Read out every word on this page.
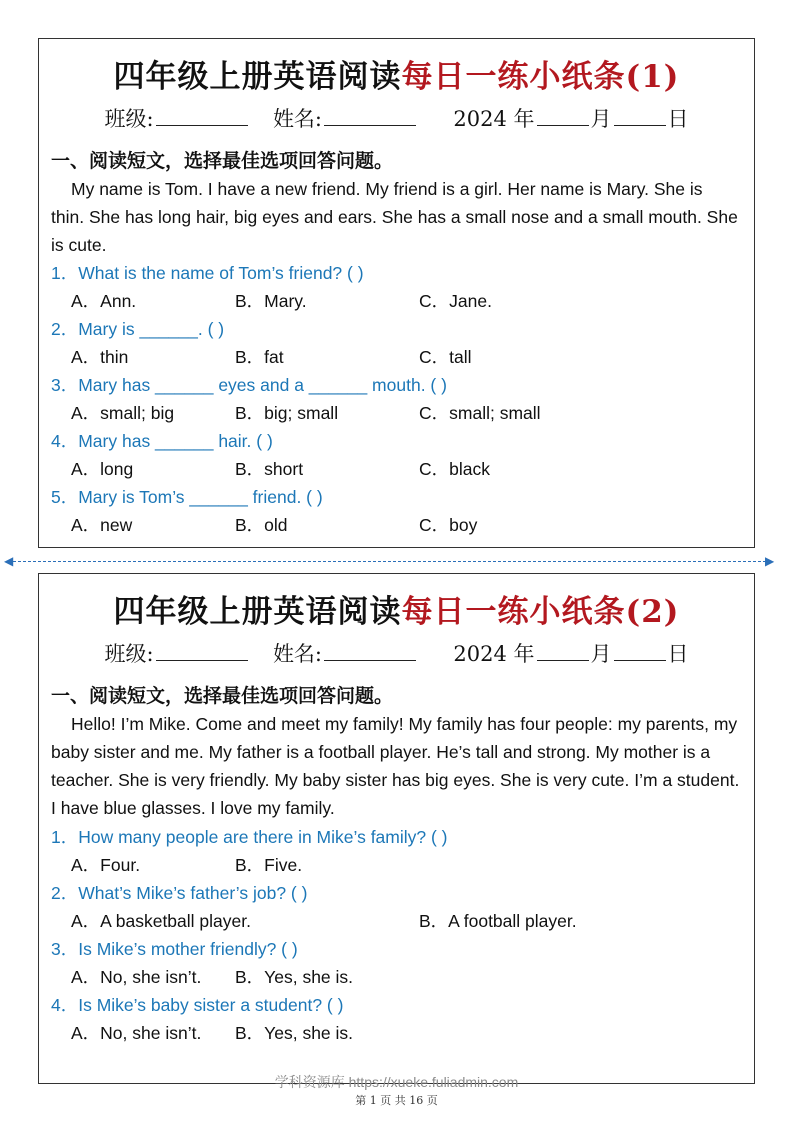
四年级上册英语阅读每日一练小纸条(1)
班级:	姓名:	2024 年	月	日
一、阅读短文，选择最佳选项回答问题。

My name is Tom. I have a new friend. My friend is a girl. Her name is Mary. She is thin. She has long hair, big eyes and ears. She has a small nose and a small mouth. She is cute.

1．What is the name of Tom’s friend? ( )
A．Ann.	B．Mary.	C．Jane.
2．Mary is ______. ( )
A．thin	B．fat	C．tall
3．Mary has ______ eyes and a ______ mouth. ( )
A．small; big	B．big; small	C．small; small
4．Mary has ______ hair. ( )
A．long	B．short	C．black
5．Mary is Tom’s ______ friend. ( )
A．new	B．old	C．boy
◀	▶
四年级上册英语阅读每日一练小纸条(2)
班级:	姓名:	2024 年	月	日
一、阅读短文，选择最佳选项回答问题。

Hello! I’m Mike. Come and meet my family! My family has four people: my parents, my baby sister and me. My father is a football player. He’s tall and strong. My mother is a teacher. She is very friendly. My baby sister has big eyes. She is very cute. I’m a student. I have blue glasses. I love my family.

1．How many people are there in Mike’s family? ( )
A．Four.	B．Five.
2．What’s Mike’s father’s job? ( )
A．A basketball player.	B．A football player.
3．Is Mike’s mother friendly? ( )
A．No, she isn’t. B．Yes, she is.
4．Is Mike’s baby sister a student? ( )
A．No, she isn’t. B．Yes, she is.
学科资源库 https://xueke.fuliadmin.com
第 1 页 共 16 页
